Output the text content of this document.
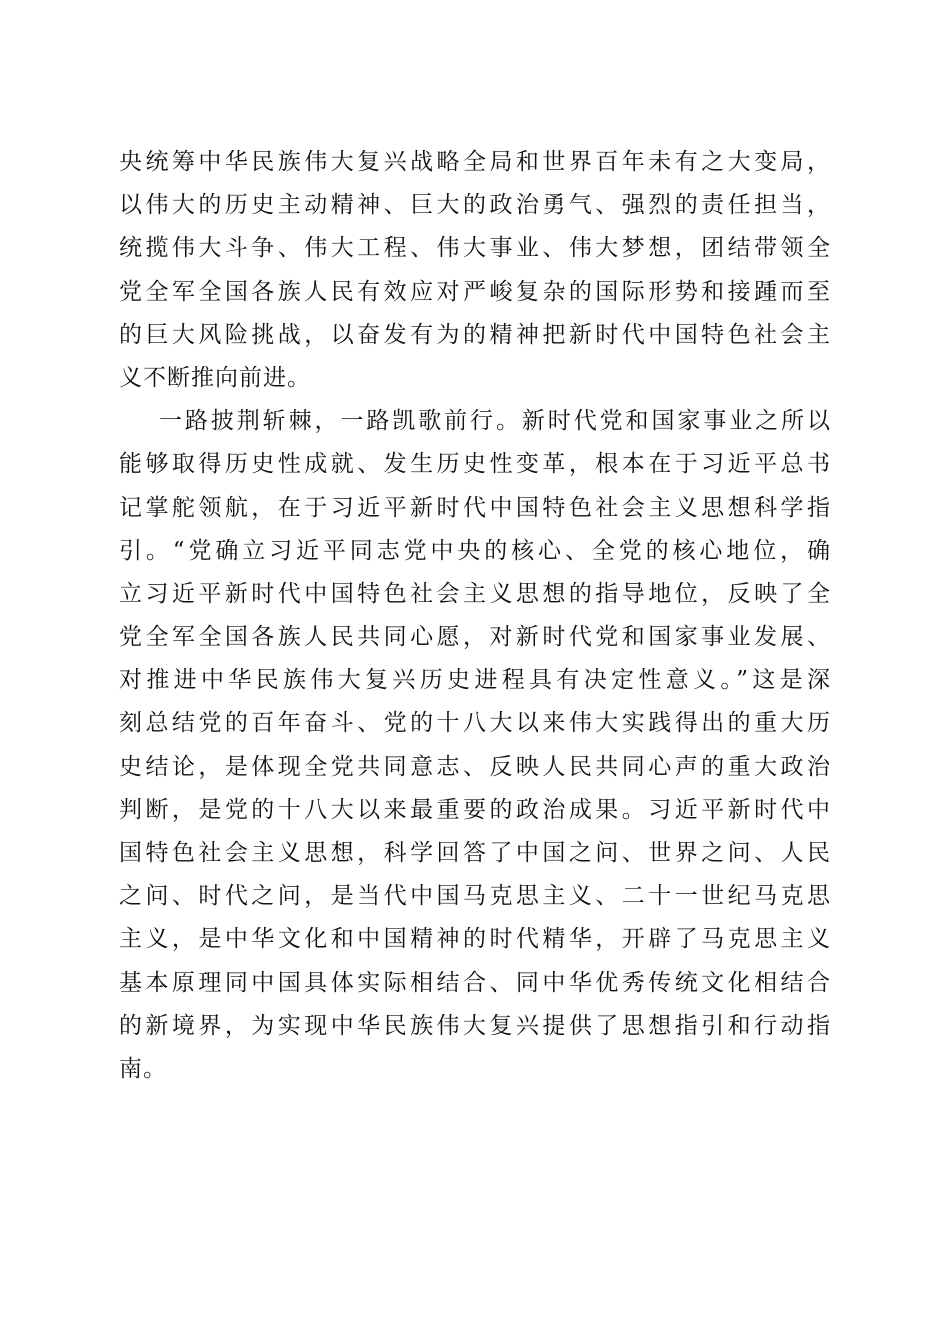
央统筹中华民族伟大复兴战略全局和世界百年未有之大变局，
以伟大的历史主动精神、巨大的政治勇气、强烈的责任担当，
统揽伟大斗争、伟大工程、伟大事业、伟大梦想，团结带领全
党全军全国各族人民有效应对严峻复杂的国际形势和接踵而至
的巨大风险挑战，以奋发有为的精神把新时代中国特色社会主
义不断推向前进。
一路披荆斩棘，一路凯歌前行。新时代党和国家事业之所以
能够取得历史性成就、发生历史性变革，根本在于习近平总书
记掌舵领航，在于习近平新时代中国特色社会主义思想科学指
引。“党确立习近平同志党中央的核心、全党的核心地位，确
立习近平新时代中国特色社会主义思想的指导地位，反映了全
党全军全国各族人民共同心愿，对新时代党和国家事业发展、
对推进中华民族伟大复兴历史进程具有决定性意义。”这是深
刻总结党的百年奋斗、党的十八大以来伟大实践得出的重大历
史结论，是体现全党共同意志、反映人民共同心声的重大政治
判断，是党的十八大以来最重要的政治成果。习近平新时代中
国特色社会主义思想，科学回答了中国之问、世界之问、人民
之问、时代之问，是当代中国马克思主义、二十一世纪马克思
主义，是中华文化和中国精神的时代精华，开辟了马克思主义
基本原理同中国具体实际相结合、同中华优秀传统文化相结合
的新境界，为实现中华民族伟大复兴提供了思想指引和行动指
南。
